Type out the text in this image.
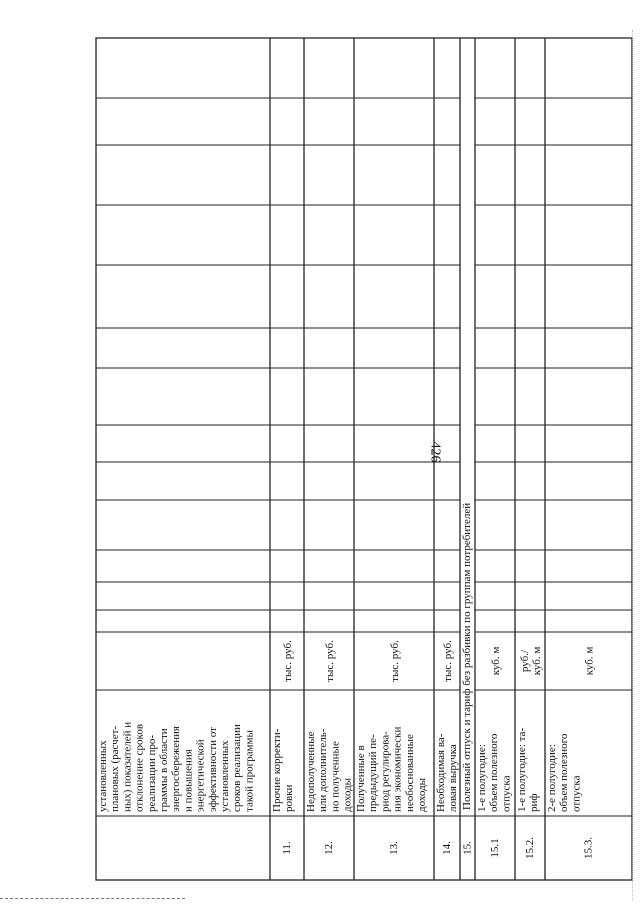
426
установленных плановых (расчет- ных) показателей и отклонение сроков реализации про- граммы в области энергосбережения и повышения энергетической эффективности от установленных сроков реализации такой программы
11.
Прочие корректи- ровки
тыс. руб.
12.
Недополученные или дополнитель- но полученные доходы
тыс. руб.
13.
Полученные в предыдущий пе- риод регулирова- ния экономически необоснованные доходы
тыс. руб.
14.
Необходимая ва- ловая выручка
тыс. руб.
15.
Полезный отпуск и тариф без разбивки по группам потребителей
15.1
1-е полугодие: объем полезного отпуска
куб. м
15.2.
1-е полугодие: та- риф
руб./ куб. м
15.3.
2-е полугодие: объем полезного отпуска
куб. м
